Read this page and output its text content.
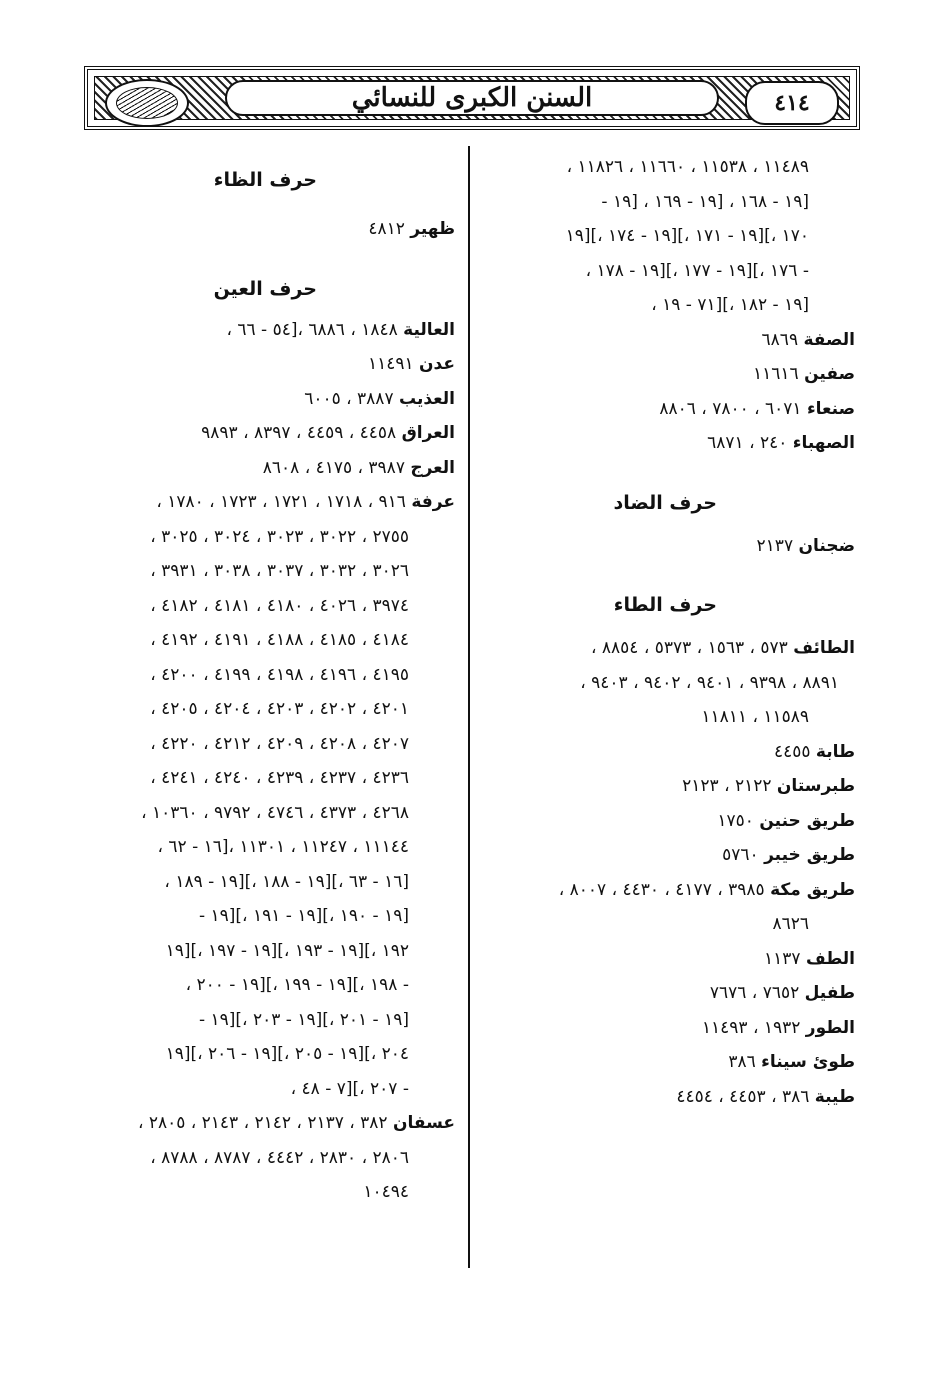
السنن الكبرى للنسائي	٤١٤
١١٤٨٩ ، ١١٥٣٨ ، ١١٦٦٠ ، ١١٨٢٦ ،
[١٩ - ١٦٨ ، [١٩ - ١٦٩ ، [١٩ -
١٧٠ ،][١٩ - ١٧١ ،][١٩ - ١٧٤ ،][١٩
- ١٧٦ ،][١٩ - ١٧٧ ،][١٩ - ١٧٨ ،
[١٩ - ١٨٢ ،][٧١ - ١٩ ،
الصفة ٦٨٦٩
صفين ١١٦١٦
صنعاء ٦٠٧١ ، ٧٨٠٠ ، ٨٨٠٦
الصهباء ٢٤٠ ، ٦٨٧١
حرف الضاد
ضجنان ٢١٣٧
حرف الطاء
الطائف ٥٧٣ ، ١٥٦٣ ، ٥٣٧٣ ، ٨٨٥٤ ،
٨٨٩١ ، ٩٣٩٨ ، ٩٤٠١ ، ٩٤٠٢ ، ٩٤٠٣ ،
١١٥٨٩ ، ١١٨١١
طابة ٤٤٥٥
طبرستان ٢١٢٢ ، ٢١٢٣
طريق حنين ١٧٥٠
طريق خيبر ٥٧٦٠
طريق مكة ٣٩٨٥ ، ٤١٧٧ ، ٤٤٣٠ ، ٨٠٠٧ ،
٨٦٢٦
الطف ١١٣٧
طفيل ٧٦٥٢ ، ٧٦٧٦
الطور ١٩٣٢ ، ١١٤٩٣
طوئ سيناء ٣٨٦
طيبة ٣٨٦ ، ٤٤٥٣ ، ٤٤٥٤
حرف الظاء
ظهير ٤٨١٢
حرف العين
العالية ١٨٤٨ ، ٦٨٨٦ ،[٥٤ - ٦٦ ،
عدن ١١٤٩١
العذيب ٣٨٨٧ ، ٦٠٠٥
العراق ٤٤٥٨ ، ٤٤٥٩ ، ٨٣٩٧ ، ٩٨٩٣
العرج ٣٩٨٧ ، ٤١٧٥ ، ٨٦٠٨
عرفة ٩١٦ ، ١٧١٨ ، ١٧٢١ ، ١٧٢٣ ، ١٧٨٠ ،
٢٧٥٥ ، ٣٠٢٢ ، ٣٠٢٣ ، ٣٠٢٤ ، ٣٠٢٥ ،
٣٠٢٦ ، ٣٠٣٢ ، ٣٠٣٧ ، ٣٠٣٨ ، ٣٩٣١ ،
٣٩٧٤ ، ٤٠٢٦ ، ٤١٨٠ ، ٤١٨١ ، ٤١٨٢ ،
٤١٨٤ ، ٤١٨٥ ، ٤١٨٨ ، ٤١٩١ ، ٤١٩٢ ،
٤١٩٥ ، ٤١٩٦ ، ٤١٩٨ ، ٤١٩٩ ، ٤٢٠٠ ،
٤٢٠١ ، ٤٢٠٢ ، ٤٢٠٣ ، ٤٢٠٤ ، ٤٢٠٥ ،
٤٢٠٧ ، ٤٢٠٨ ، ٤٢٠٩ ، ٤٢١٢ ، ٤٢٢٠ ،
٤٢٣٦ ، ٤٢٣٧ ، ٤٢٣٩ ، ٤٢٤٠ ، ٤٢٤١ ،
٤٢٦٨ ، ٤٣٧٣ ، ٤٧٤٦ ، ٩٧٩٢ ، ١٠٣٦٠ ،
١١١٤٤ ، ١١٢٤٧ ، ١١٣٠١ ،[١٦ - ٦٢ ،
[١٦ - ٦٣ ،][١٩ - ١٨٨ ،][١٩ - ١٨٩ ،
[١٩ - ١٩٠ ،][١٩ - ١٩١ ،][١٩ -
١٩٢ ،][١٩ - ١٩٣ ،][١٩ - ١٩٧ ،][١٩
- ١٩٨ ،][١٩ - ١٩٩ ،][١٩ - ٢٠٠ ،
[١٩ - ٢٠١ ،][١٩ - ٢٠٣ ،][١٩ -
٢٠٤ ،][١٩ - ٢٠٥ ،][١٩ - ٢٠٦ ،][١٩
- ٢٠٧ ،][٧ - ٤٨ ،
عسفان ٣٨٢ ، ٢١٣٧ ، ٢١٤٢ ، ٢١٤٣ ، ٢٨٠٥ ،
٢٨٠٦ ، ٢٨٣٠ ، ٤٤٤٢ ، ٨٧٨٧ ، ٨٧٨٨ ،
١٠٤٩٤
